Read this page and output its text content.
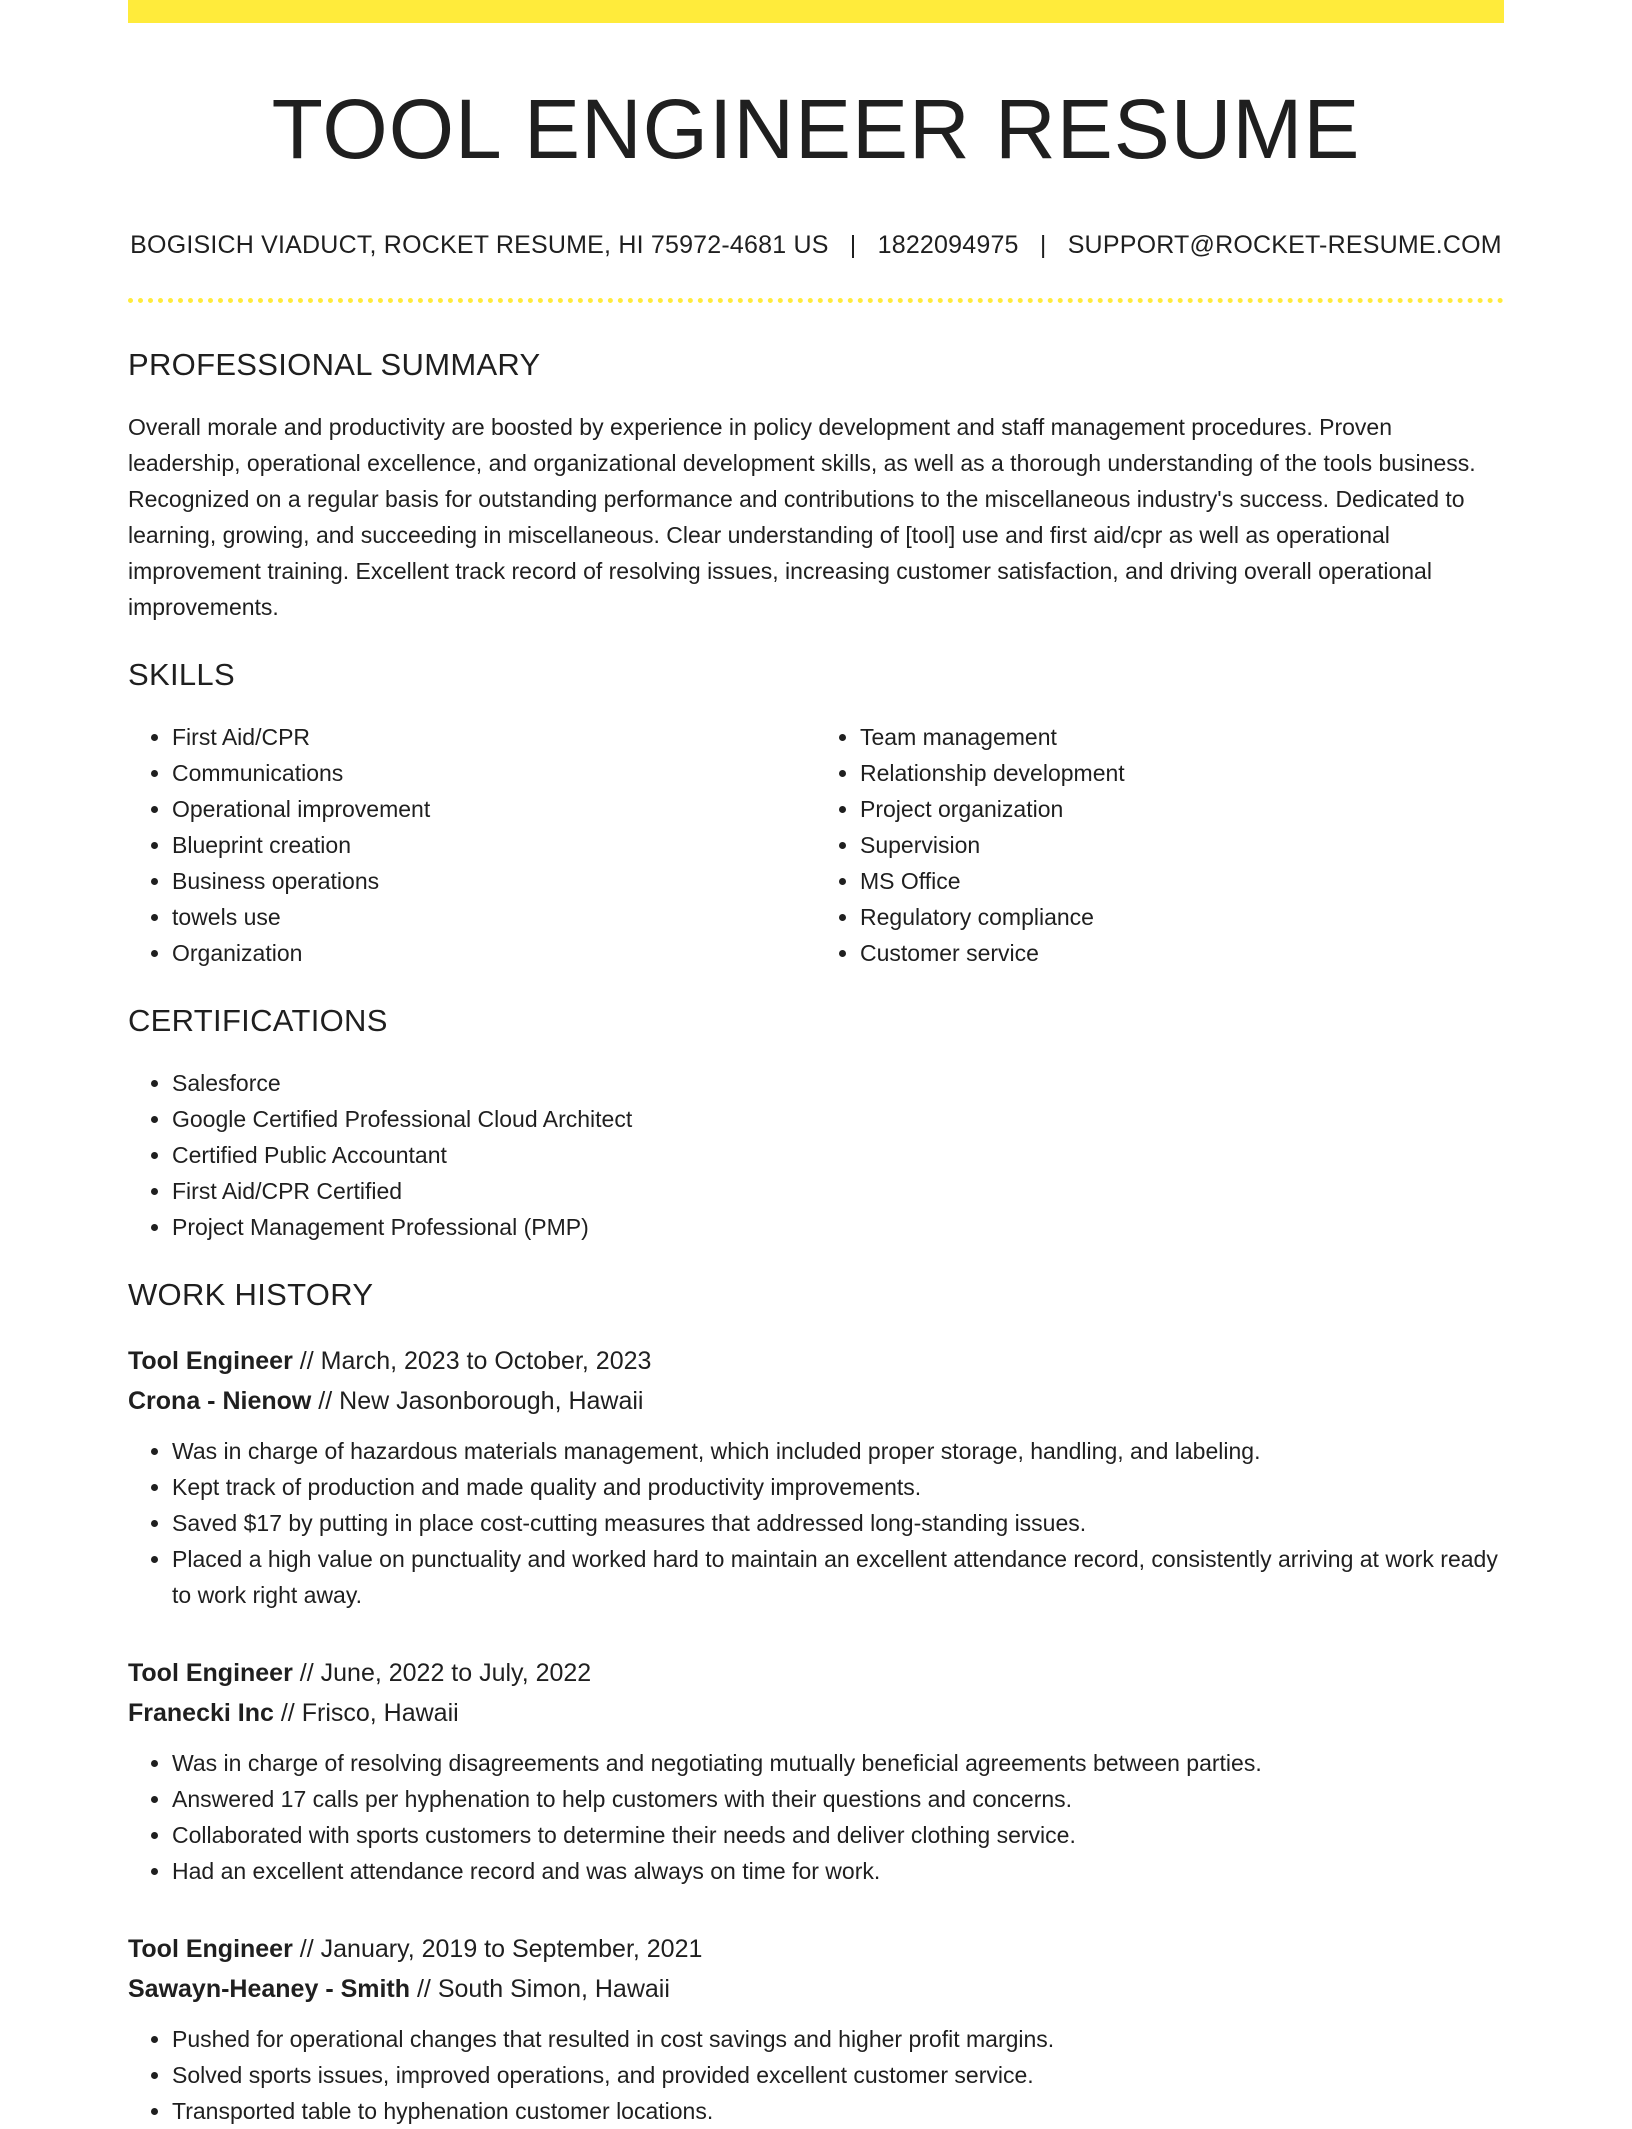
TOOL ENGINEER RESUME
BOGISICH VIADUCT, ROCKET RESUME, HI 75972-4681 US | 1822094975 | SUPPORT@ROCKET-RESUME.COM
PROFESSIONAL SUMMARY

Overall morale and productivity are boosted by experience in policy development and staff management procedures. Proven leadership, operational excellence, and organizational development skills, as well as a thorough understanding of the tools business. Recognized on a regular basis for outstanding performance and contributions to the miscellaneous industry's success. Dedicated to learning, growing, and succeeding in miscellaneous. Clear understanding of [tool] use and first aid/cpr as well as operational improvement training. Excellent track record of resolving issues, increasing customer satisfaction, and driving overall operational improvements.

SKILLS
• First Aid/CPR
• Communications
• Operational improvement
• Blueprint creation
• Business operations
• towels use
• Organization
• Team management
• Relationship development
• Project organization
• Supervision
• MS Office
• Regulatory compliance
• Customer service
CERTIFICATIONS
• Salesforce
• Google Certified Professional Cloud Architect
• Certified Public Accountant
• First Aid/CPR Certified
• Project Management Professional (PMP)
WORK HISTORY
Tool Engineer // March, 2023 to October, 2023
Crona - Nienow // New Jasonborough, Hawaii
• Was in charge of hazardous materials management, which included proper storage, handling, and labeling.
• Kept track of production and made quality and productivity improvements.
• Saved $17 by putting in place cost-cutting measures that addressed long-standing issues.
• Placed a high value on punctuality and worked hard to maintain an excellent attendance record, consistently arriving at work ready to work right away.
Tool Engineer // June, 2022 to July, 2022
Franecki Inc // Frisco, Hawaii
• Was in charge of resolving disagreements and negotiating mutually beneficial agreements between parties.
• Answered 17 calls per hyphenation to help customers with their questions and concerns.
• Collaborated with sports customers to determine their needs and deliver clothing service.
• Had an excellent attendance record and was always on time for work.
Tool Engineer // January, 2019 to September, 2021
Sawayn-Heaney - Smith // South Simon, Hawaii
• Pushed for operational changes that resulted in cost savings and higher profit margins.
• Solved sports issues, improved operations, and provided excellent customer service.
• Transported table to hyphenation customer locations.
